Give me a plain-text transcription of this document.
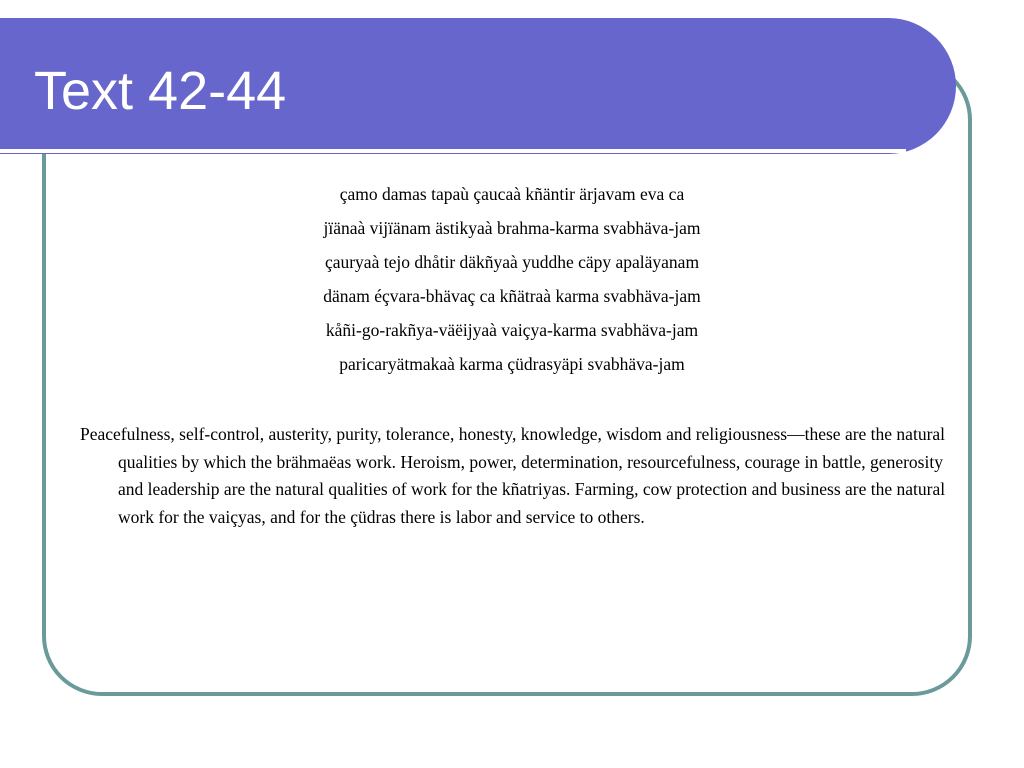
Text 42-44
çamo damas tapaù çaucaà kñäntir ärjavam eva ca
jïänaà vijïänam ästikyaà brahma-karma svabhäva-jam
çauryaà tejo dhåtir däkñyaà yuddhe cäpy apaläyanam
dänam éçvara-bhävaç ca kñätraà karma svabhäva-jam
kåñi-go-rakñya-väëijyaà vaiçya-karma svabhäva-jam
paricaryätmakaà karma çüdrasyäpi svabhäva-jam

Peacefulness, self-control, austerity, purity, tolerance, honesty, knowledge, wisdom and religiousness—these are the natural qualities by which the brähmaëas work. Heroism, power, determination, resourcefulness, courage in battle, generosity and leadership are the natural qualities of work for the kñatriyas. Farming, cow protection and business are the natural work for the vaiçyas, and for the çüdras there is labor and service to others.
